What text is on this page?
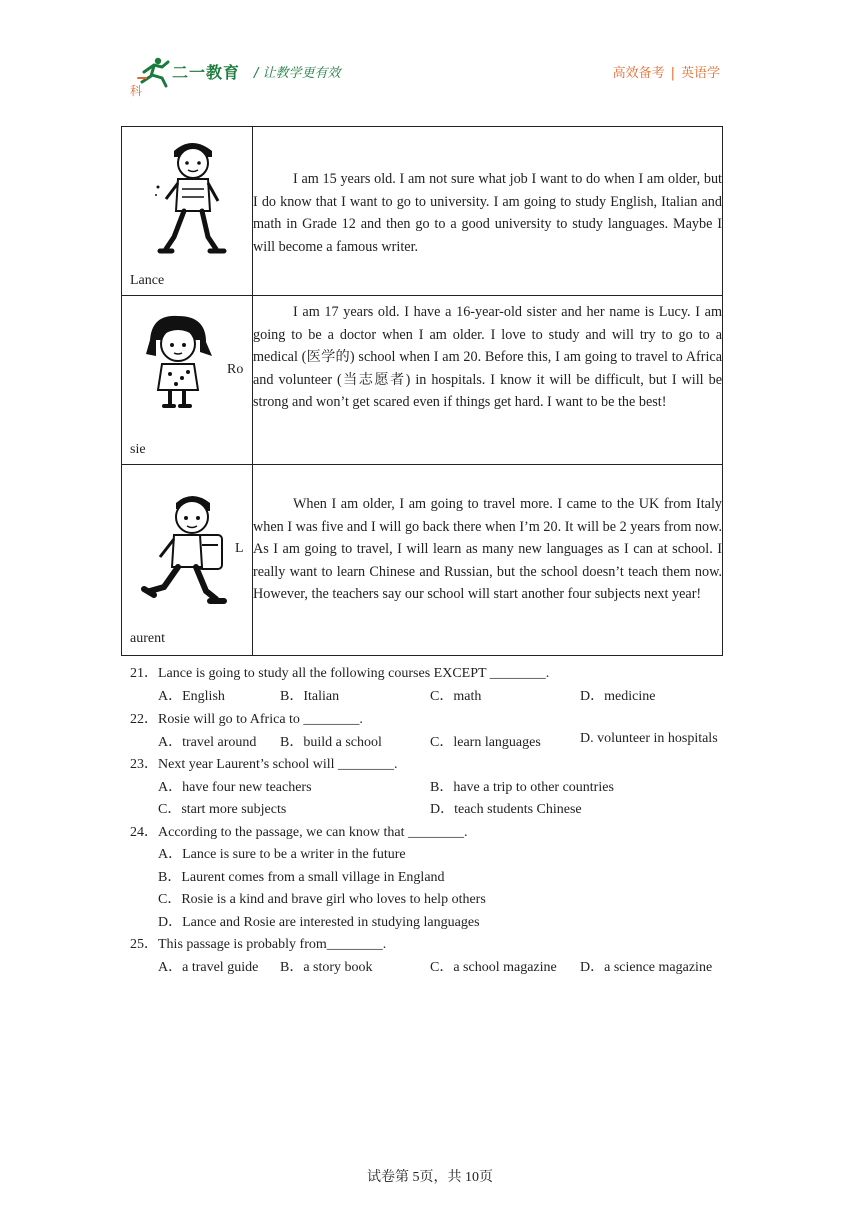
二一教育 / 让教学更有效	高效备考 | 英语学
科
Lance	I am 15 years old. I am not sure what job I want to do when I am older, but I do know that I want to go to university. I am going to study English, Italian and math in Grade 12 and then go to a good university to study languages. Maybe I will become a famous writer.

Ro
sie	I am 17 years old. I have a 16-year-old sister and her name is Lucy. I am going to be a doctor when I am older. I love to study and will try to go to a medical (医学的) school when I am 20. Before this, I am going to travel to Africa and volunteer (当志愿者) in hospitals. I know it will be difficult, but I will be strong and won’t get scared even if things get hard. I want to be the best!

L
aurent	When I am older, I am going to travel more. I came to the UK from Italy when I was five and I will go back there when I’m 20. It will be 2 years from now. As I am going to travel, I will learn as many new languages as I can at school. I really want to learn Chinese and Russian, but the school doesn’t teach them now. However, the teachers say our school will start another four subjects next year!

21．Lance is going to study all the following courses EXCEPT ________.
A．English	B．Italian	C．math	D．medicine
22．Rosie will go to Africa to ________.
A．travel around B．build a school	C．learn languages	D. volunteer in hospitals
23．Next year Laurent’s school will ________.
A．have four new teachers	B．have a trip to other countries
C．start more subjects	D．teach students Chinese
24．According to the passage, we can know that ________.
A．Lance is sure to be a writer in the future
B．Laurent comes from a small village in England
C．Rosie is a kind and brave girl who loves to help others
D．Lance and Rosie are interested in studying languages
25．This passage is probably from________.
A．a travel guide B．a story book	C．a school magazine D．a science magazine
试卷第 5页，共 10页
